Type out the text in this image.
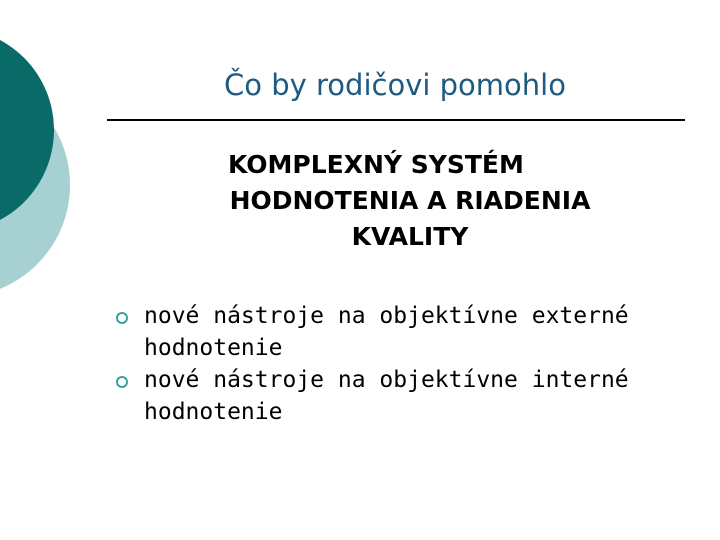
Čo by rodičovi pomohlo
KOMPLEXNÝ SYSTÉM
HODNOTENIA A RIADENIA
KVALITY
nové nástroje na objektívne externé
hodnotenie
nové nástroje na objektívne interné
hodnotenie
